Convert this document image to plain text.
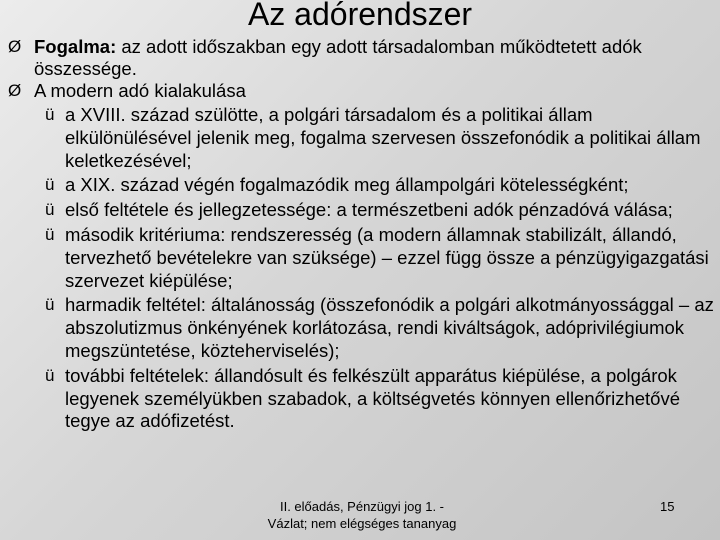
Az adórendszer
Ø Fogalma: az adott időszakban egy adott társadalomban működtetett adók összessége.
Ø A modern adó kialakulása
ü a XVIII. század szülötte, a polgári társadalom és a politikai állam elkülönülésével jelenik meg, fogalma szervesen összefonódik a politikai állam keletkezésével;
ü a XIX. század végén fogalmazódik meg állampolgári kötelességként;
ü első feltétele és jellegzetessége: a természetbeni adók pénzadóvá válása;
ü második kritériuma: rendszeresség (a modern államnak stabilizált, állandó, tervezhető bevételekre van szüksége) – ezzel függ össze a pénzügyigazgatási szervezet kiépülése;
ü harmadik feltétel: általánosság (összefonódik a polgári alkotmányossággal – az abszolutizmus önkényének korlátozása, rendi kiváltságok, adóprivilégiumok megszüntetése, közteherviselés);
ü további feltételek: állandósult és felkészült apparátus kiépülése, a polgárok legyenek személyükben szabadok, a költségvetés könnyen ellenőrizhetővé tegye az adófizetést.
II. előadás, Pénzügyi jog 1. -
Vázlat; nem elégséges tananyag
15
